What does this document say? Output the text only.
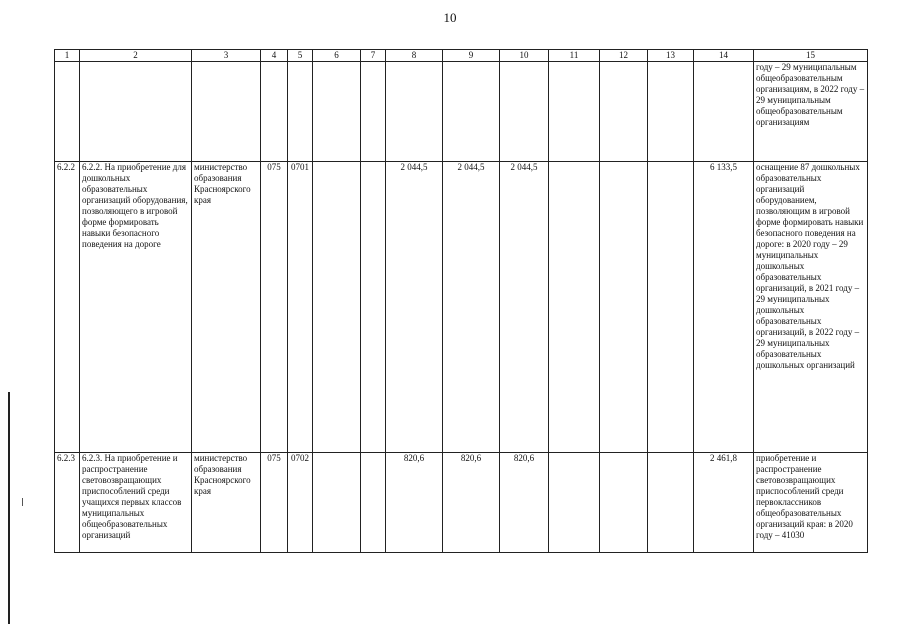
10
1	2	3	4	5	6	7	8	9	10	11	12	13	14	15
														году – 29 муниципальным общеобразовательным организациям, в 2022 году – 29 муниципальным общеобразовательным организациям
6.2.2	6.2.2. На приобретение для дошкольных образовательных организаций оборудования, позволяющего в игровой форме формировать навыки безопасного поведения на дороге	министерство образования Красноярского края	075	0701			2 044,5	2 044,5	2 044,5				6 133,5	оснащение 87 дошкольных образовательных организаций оборудованием, позволяющим в игровой форме формировать навыки безопасного поведения на дороге: в 2020 году – 29 муниципальных дошкольных образовательных организаций, в 2021 году – 29 муниципальных дошкольных образовательных организаций, в 2022 году – 29 муниципальных образовательных дошкольных организаций
6.2.3	6.2.3. На приобретение и распространение световозвращающих приспособлений среди учащихся первых классов муниципальных общеобразовательных организаций	министерство образования Красноярского края	075	0702			820,6	820,6	820,6				2 461,8	приобретение и распространение световозвращающих приспособлений среди первоклассников общеобразовательных организаций края: в 2020 году – 41030
